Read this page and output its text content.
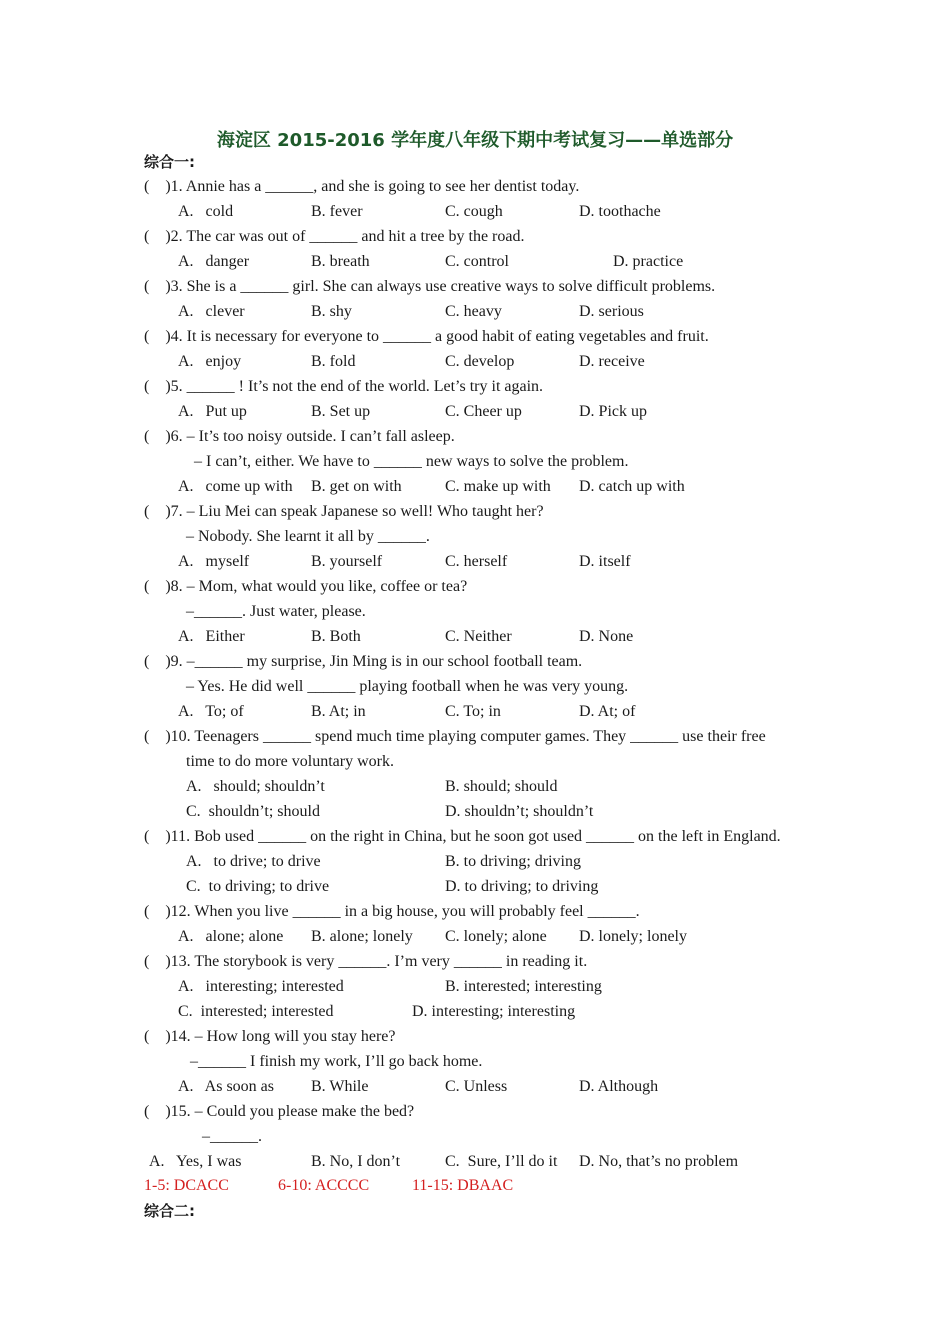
海淀区 2015-2016 学年度八年级下期中考试复习——单选部分
综合一:
(    )1. Annie has a ______, and she is going to see her dentist today.
A.   cold	B. fever	C. cough	D. toothache
(    )2. The car was out of ______ and hit a tree by the road.
A.   danger	B. breath	C. control	D. practice
(    )3. She is a ______ girl. She can always use creative ways to solve difficult problems.
A.   clever	B. shy	C. heavy	D. serious
(    )4. It is necessary for everyone to ______ a good habit of eating vegetables and fruit.
A.   enjoy	B. fold	C. develop	D. receive
(    )5. ______ ! It’s not the end of the world. Let’s try it again.
A.   Put up	B. Set up	C. Cheer up	D. Pick up
(    )6. – It’s too noisy outside. I can’t fall asleep.
– I can’t, either. We have to ______ new ways to solve the problem.
A.   come up with B. get on with	C. make up with D. catch up with
(    )7. – Liu Mei can speak Japanese so well! Who taught her?
– Nobody. She learnt it all by ______.
A.   myself	B. yourself	C. herself	D. itself
(    )8. – Mom, what would you like, coffee or tea?
–______. Just water, please.
A.   Either	B. Both	C. Neither	D. None
(    )9. –______ my surprise, Jin Ming is in our school football team.
– Yes. He did well ______ playing football when he was very young.
A.   To; of	B. At; in	C. To; in	D. At; of
(    )10. Teenagers ______ spend much time playing computer games. They ______ use their free
time to do more voluntary work.
A.   should; shouldn’t	B. should; should
C.  shouldn’t; should	D. shouldn’t; shouldn’t
(    )11. Bob used ______ on the right in China, but he soon got used ______ on the left in England.
A.   to drive; to drive	B. to driving; driving
C.  to driving; to drive	D. to driving; to driving
(    )12. When you live ______ in a big house, you will probably feel ______.
A.   alone; alone B. alone; lonely C. lonely; alone D. lonely; lonely
(    )13. The storybook is very ______. I’m very ______ in reading it.
A.   interesting; interested	B. interested; interesting
C.  interested; interested	D. interesting; interesting
(    )14. – How long will you stay here?
–______ I finish my work, I’ll go back home.
A.   As soon as B. While	C. Unless	D. Although
(    )15. – Could you please make the bed?
–______.
A.   Yes, I was	B. No, I don’t	C.  Sure, I’ll do it D. No, that’s no problem
1-5: DCACC	6-10: ACCCC	11-15: DBAAC
综合二:
